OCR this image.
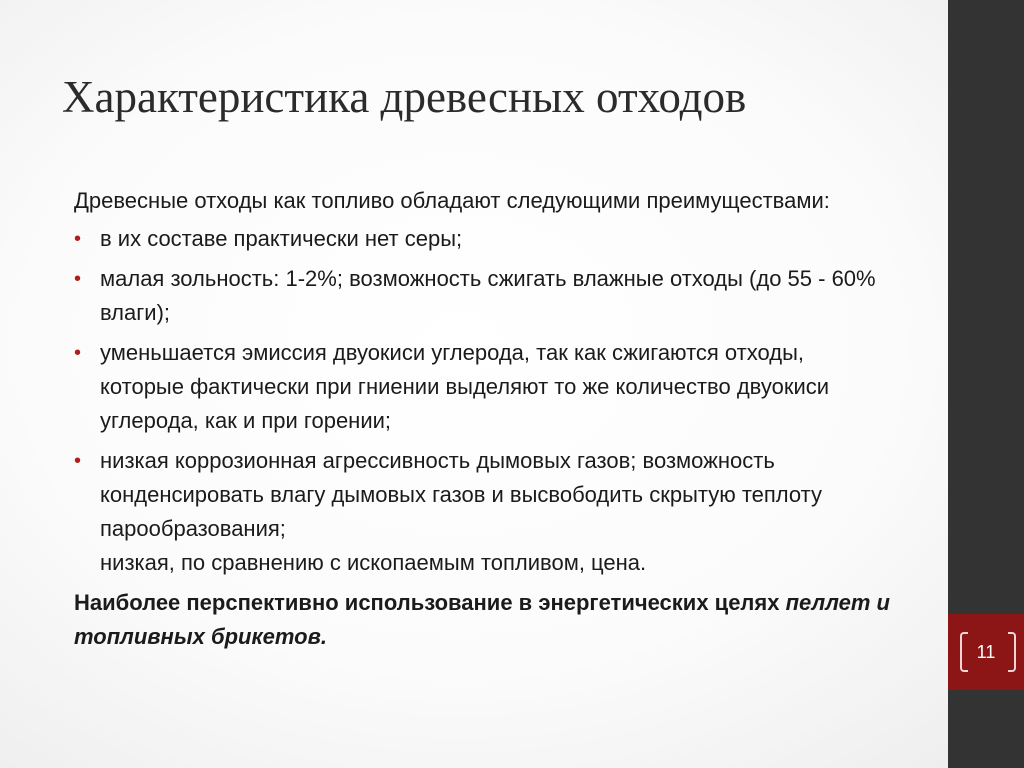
Характеристика древесных отходов

Древесные отходы как топливо обладают следующими преимуществами:

• в их составе практически нет серы;
• малая зольность: 1-2%; возможность сжигать влажные отходы (до 55 - 60% влаги);
• уменьшается эмиссия двуокиси углерода, так как сжигаются отходы, которые фактически при гниении выделяют то же количество двуокиси углерода, как и при горении;
• низкая коррозионная агрессивность дымовых газов; возможность конденсировать влагу дымовых газов и высвободить скрытую теплоту парообразования;
низкая, по сравнению с ископаемым топливом, цена.

Наиболее перспективно использование в энергетических целях пеллет и топливных брикетов.

11
